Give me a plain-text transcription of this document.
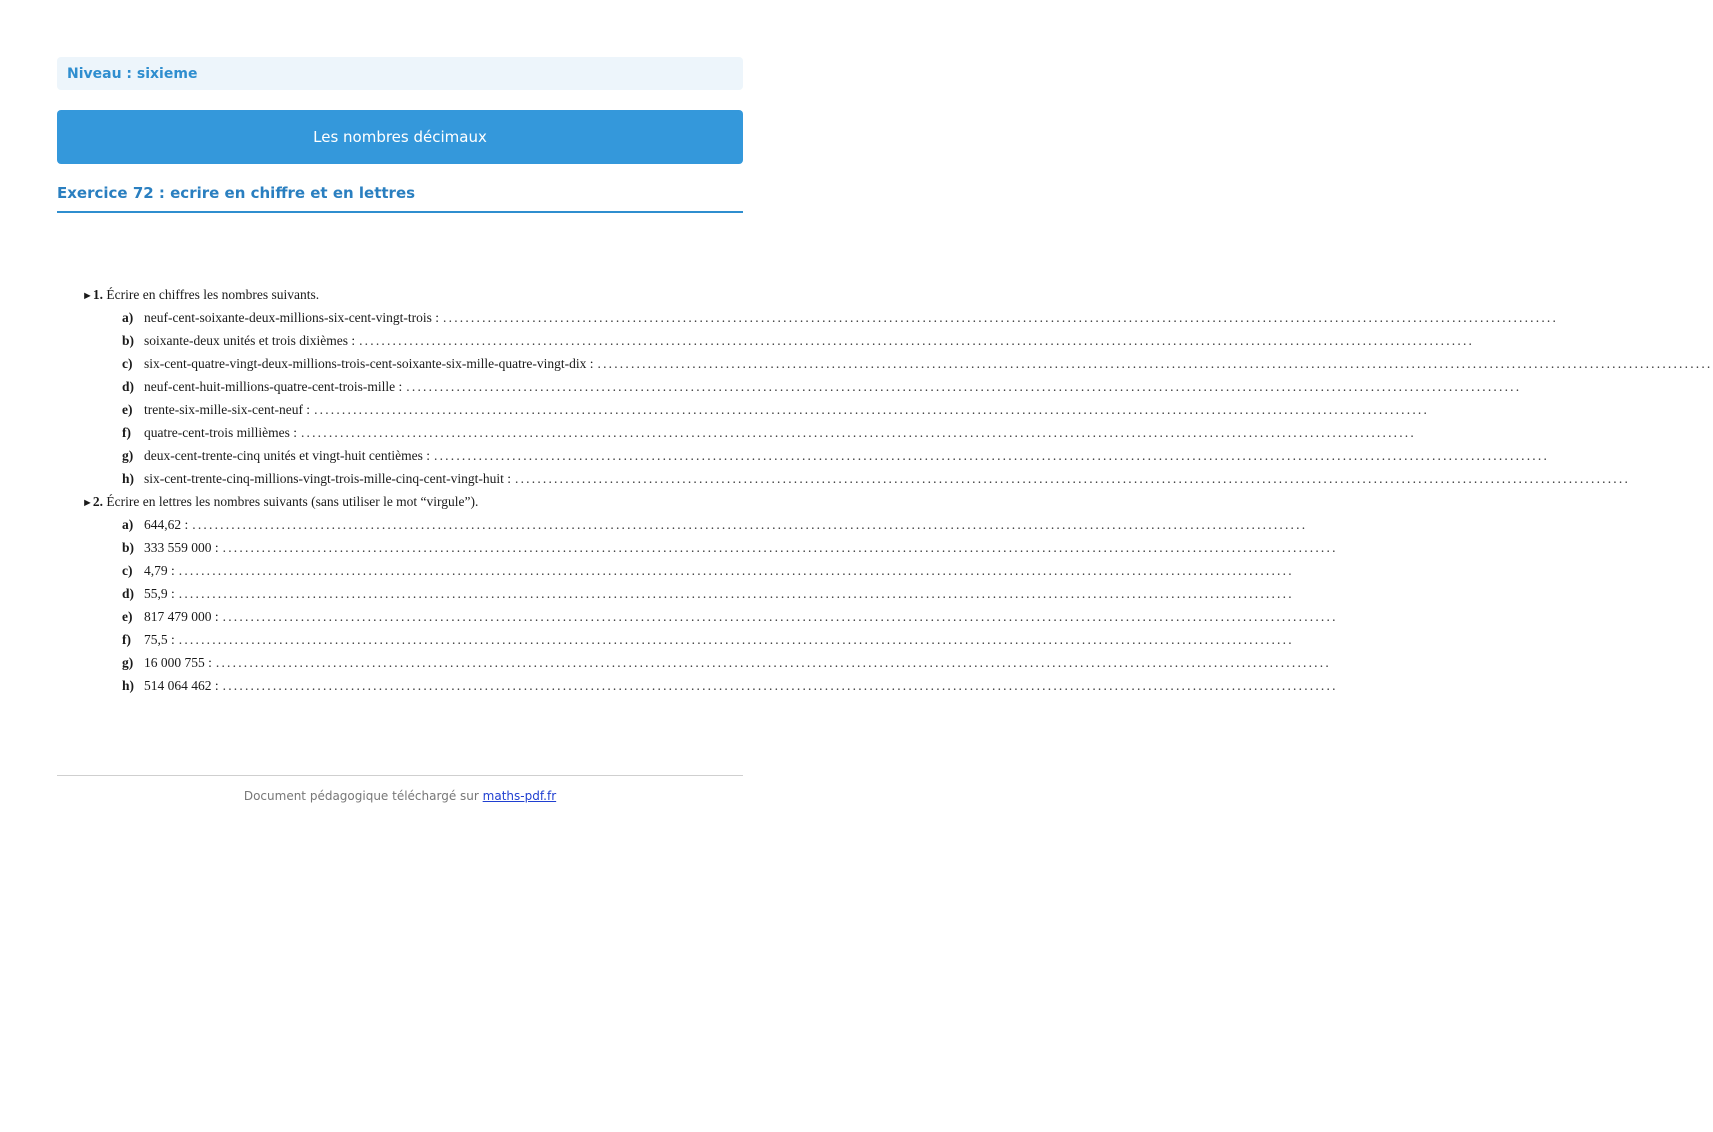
Niveau : sixieme
Les nombres décimaux
Exercice 72 : ecrire en chiffre et en lettres
►1. Écrire en chiffres les nombres suivants.
a) neuf-cent-soixante-deux-millions-six-cent-vingt-trois : ........................................................................................................................................................................................................
b) soixante-deux unités et trois dixièmes : ........................................................................................................................................................................................................
c) six-cent-quatre-vingt-deux-millions-trois-cent-soixante-six-mille-quatre-vingt-dix : ........................................................................................................................................................................................................
d) neuf-cent-huit-millions-quatre-cent-trois-mille : ........................................................................................................................................................................................................
e) trente-six-mille-six-cent-neuf : ........................................................................................................................................................................................................
f) quatre-cent-trois millièmes : ........................................................................................................................................................................................................
g) deux-cent-trente-cinq unités et vingt-huit centièmes : ........................................................................................................................................................................................................
h) six-cent-trente-cinq-millions-vingt-trois-mille-cinq-cent-vingt-huit : ........................................................................................................................................................................................................
►2. Écrire en lettres les nombres suivants (sans utiliser le mot “virgule”).
a) 644,62 : ........................................................................................................................................................................................................
b) 333 559 000 : ........................................................................................................................................................................................................
c) 4,79 : ........................................................................................................................................................................................................
d) 55,9 : ........................................................................................................................................................................................................
e) 817 479 000 : ........................................................................................................................................................................................................
f) 75,5 : ........................................................................................................................................................................................................
g) 16 000 755 : ........................................................................................................................................................................................................
h) 514 064 462 : ........................................................................................................................................................................................................
Document pédagogique téléchargé sur maths-pdf.fr
